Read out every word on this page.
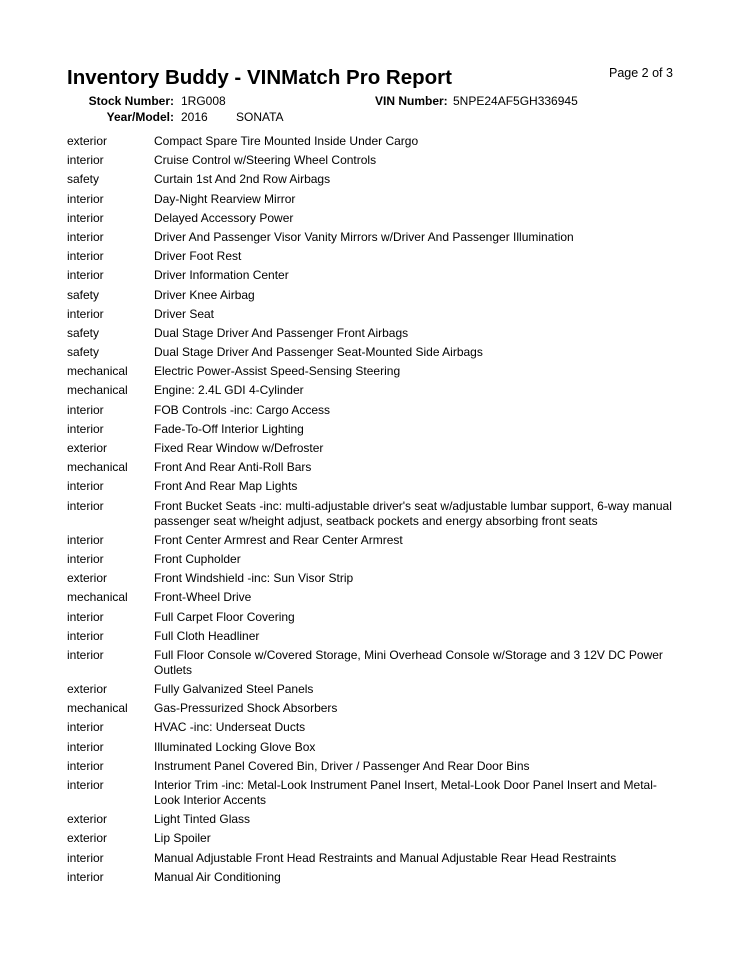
Inventory Buddy - VINMatch Pro Report	Page 2 of 3
Stock Number: 1RG008	VIN Number: 5NPE24AF5GH336945
Year/Model: 2016 SONATA
exterior	Compact Spare Tire Mounted Inside Under Cargo
interior	Cruise Control w/Steering Wheel Controls
safety	Curtain 1st And 2nd Row Airbags
interior	Day-Night Rearview Mirror
interior	Delayed Accessory Power
interior	Driver And Passenger Visor Vanity Mirrors w/Driver And Passenger Illumination
interior	Driver Foot Rest
interior	Driver Information Center
safety	Driver Knee Airbag
interior	Driver Seat
safety	Dual Stage Driver And Passenger Front Airbags
safety	Dual Stage Driver And Passenger Seat-Mounted Side Airbags
mechanical	Electric Power-Assist Speed-Sensing Steering
mechanical	Engine: 2.4L GDI 4-Cylinder
interior	FOB Controls -inc: Cargo Access
interior	Fade-To-Off Interior Lighting
exterior	Fixed Rear Window w/Defroster
mechanical	Front And Rear Anti-Roll Bars
interior	Front And Rear Map Lights
interior	Front Bucket Seats -inc: multi-adjustable driver's seat w/adjustable lumbar support, 6-way manual passenger seat w/height adjust, seatback pockets and energy absorbing front seats
interior	Front Center Armrest and Rear Center Armrest
interior	Front Cupholder
exterior	Front Windshield -inc: Sun Visor Strip
mechanical	Front-Wheel Drive
interior	Full Carpet Floor Covering
interior	Full Cloth Headliner
interior	Full Floor Console w/Covered Storage, Mini Overhead Console w/Storage and 3 12V DC Power Outlets
exterior	Fully Galvanized Steel Panels
mechanical	Gas-Pressurized Shock Absorbers
interior	HVAC -inc: Underseat Ducts
interior	Illuminated Locking Glove Box
interior	Instrument Panel Covered Bin, Driver / Passenger And Rear Door Bins
interior	Interior Trim -inc: Metal-Look Instrument Panel Insert, Metal-Look Door Panel Insert and Metal-Look Interior Accents
exterior	Light Tinted Glass
exterior	Lip Spoiler
interior	Manual Adjustable Front Head Restraints and Manual Adjustable Rear Head Restraints
interior	Manual Air Conditioning
